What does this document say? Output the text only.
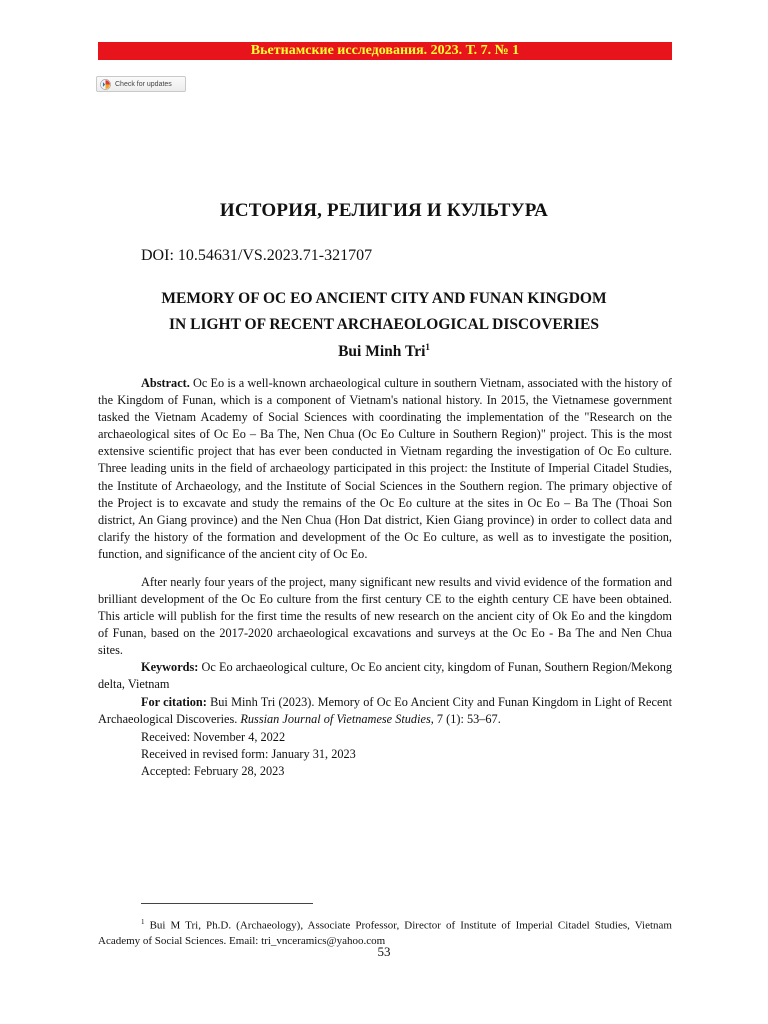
Вьетнамские исследования. 2023. Т. 7. № 1
Check for updates
ИСТОРИЯ, РЕЛИГИЯ И КУЛЬТУРА
DOI: 10.54631/VS.2023.71-321707
MEMORY OF OC EO ANCIENT CITY AND FUNAN KINGDOM
IN LIGHT OF RECENT ARCHAEOLOGICAL DISCOVERIES
Bui Minh Tri$^1$
Abstract. Oc Eo is a well-known archaeological culture in southern Vietnam, associated with the history of the Kingdom of Funan, which is a component of Vietnam's national history. In 2015, the Vietnamese government tasked the Vietnam Academy of Social Sciences with coordinating the implementation of the "Research on the archaeological sites of Oc Eo – Ba The, Nen Chua (Oc Eo Culture in Southern Region)" project. This is the most extensive scientific project that has ever been conducted in Vietnam regarding the investigation of Oc Eo culture. Three leading units in the field of archaeology participated in this project: the Institute of Imperial Citadel Studies, the Institute of Archaeology, and the Institute of Social Sciences in the Southern region. The primary objective of the Project is to excavate and study the remains of the Oc Eo culture at the sites in Oc Eo – Ba The (Thoai Son district, An Giang province) and the Nen Chua (Hon Dat district, Kien Giang province) in order to collect data and clarify the history of the formation and development of the Oc Eo culture, as well as to investigate the position, function, and significance of the ancient city of Oc Eo.
After nearly four years of the project, many significant new results and vivid evidence of the formation and brilliant development of the Oc Eo culture from the first century CE to the eighth century CE have been obtained. This article will publish for the first time the results of new research on the ancient city of Ok Eo and the kingdom of Funan, based on the 2017-2020 archaeological excavations and surveys at the Oc Eo - Ba The and Nen Chua sites.
Keywords: Oc Eo archaeological culture, Oc Eo ancient city, kingdom of Funan, Southern Region/Mekong delta, Vietnam
For citation: Bui Minh Tri (2023). Memory of Oc Eo Ancient City and Funan Kingdom in Light of Recent Archaeological Discoveries. Russian Journal of Vietnamese Studies, 7 (1): 53–67.
Received: November 4, 2022
Received in revised form: January 31, 2023
Accepted: February 28, 2023
$^1$ Bui M Tri, Ph.D. (Archaeology), Associate Professor, Director of Institute of Imperial Citadel Studies, Vietnam Academy of Social Sciences. Email: tri_vnceramics@yahoo.com
53
